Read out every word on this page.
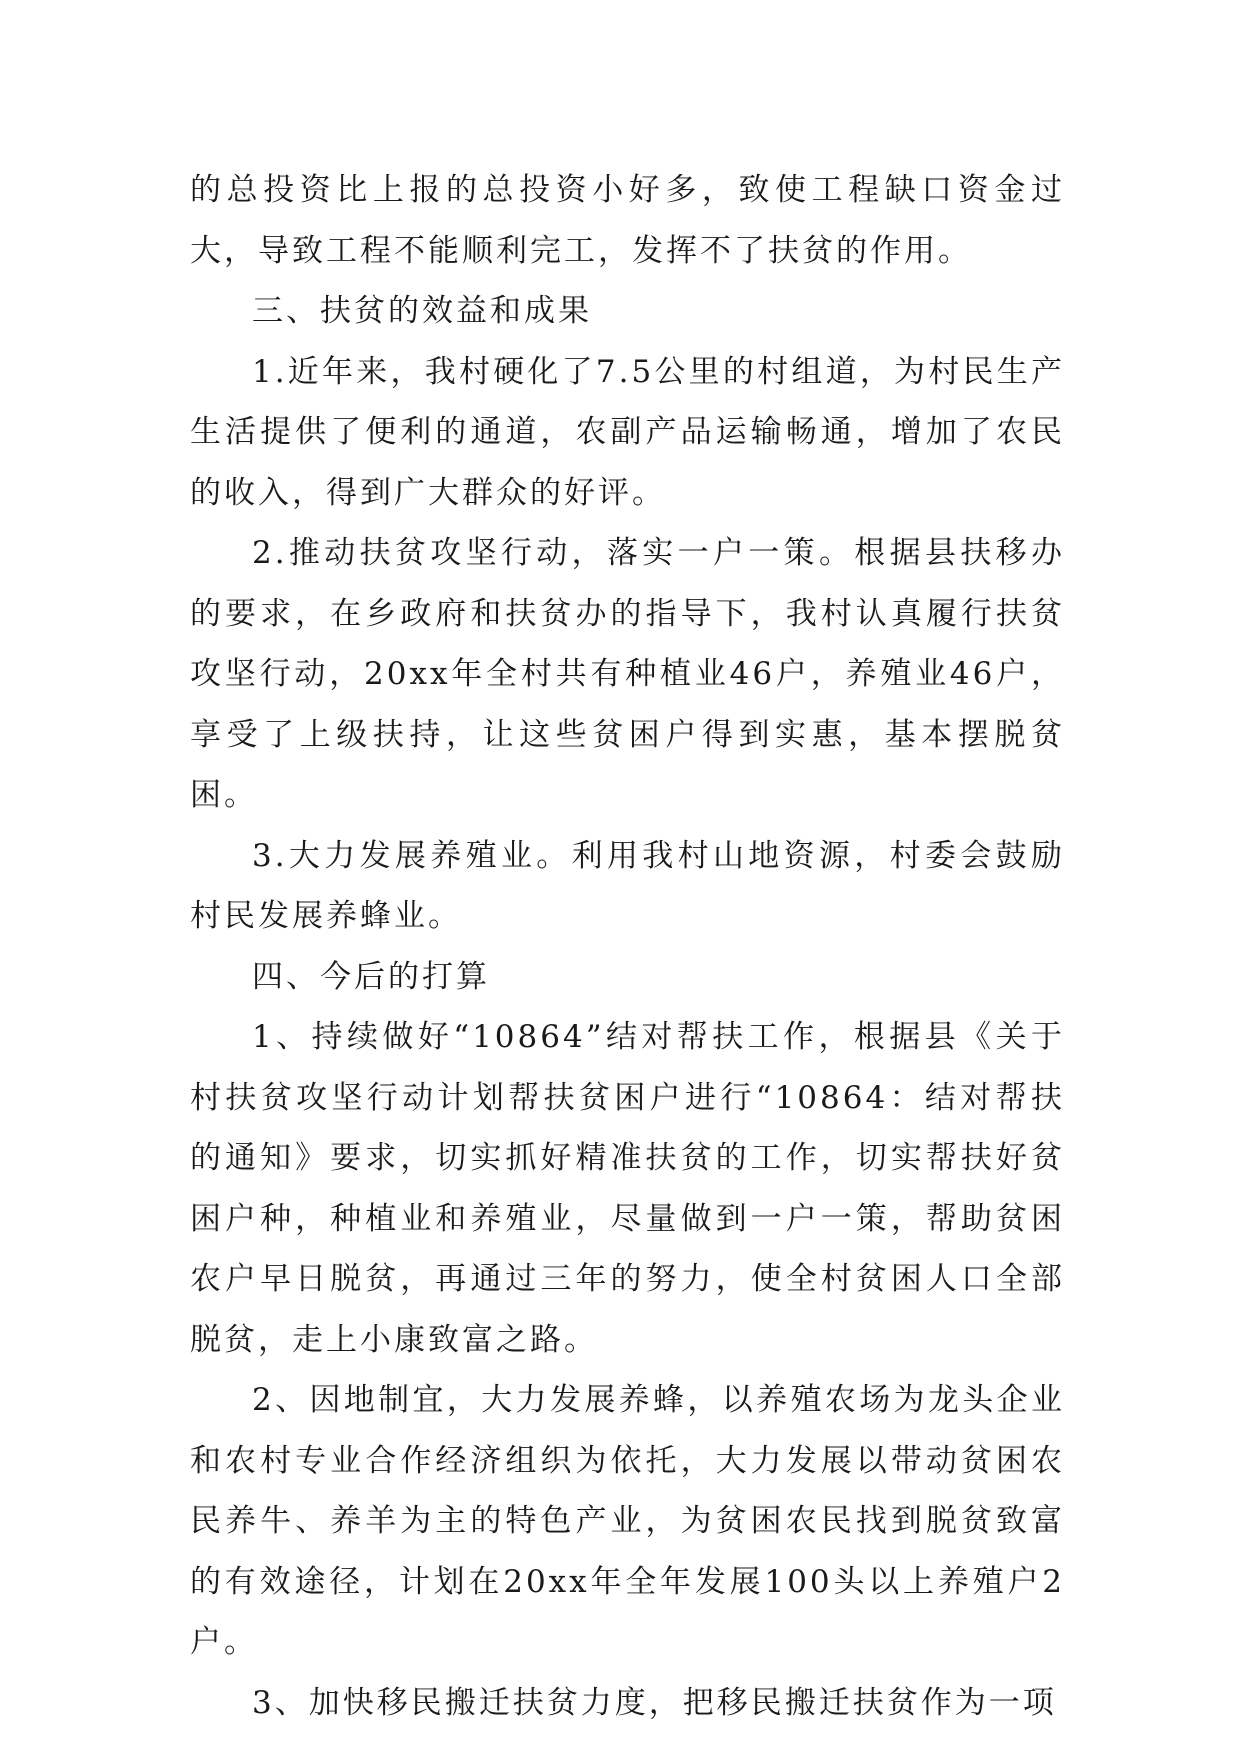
的总投资比上报的总投资小好多，致使工程缺口资金过大，导致工程不能顺利完工，发挥不了扶贫的作用。

三、扶贫的效益和成果

1.近年来，我村硬化了7.5公里的村组道，为村民生产生活提供了便利的通道，农副产品运输畅通，增加了农民的收入，得到广大群众的好评。

2.推动扶贫攻坚行动，落实一户一策。根据县扶移办的要求，在乡政府和扶贫办的指导下，我村认真履行扶贫攻坚行动，20xx年全村共有种植业46户，养殖业46户，享受了上级扶持，让这些贫困户得到实惠，基本摆脱贫困。

3.大力发展养殖业。利用我村山地资源，村委会鼓励村民发展养蜂业。

四、今后的打算

1、持续做好“10864”结对帮扶工作，根据县《关于村扶贫攻坚行动计划帮扶贫困户进行“10864：结对帮扶的通知》要求，切实抓好精准扶贫的工作，切实帮扶好贫困户种，种植业和养殖业，尽量做到一户一策，帮助贫困农户早日脱贫，再通过三年的努力，使全村贫困人口全部脱贫，走上小康致富之路。

2、因地制宜，大力发展养蜂，以养殖农场为龙头企业和农村专业合作经济组织为依托，大力发展以带动贫困农民养牛、养羊为主的特色产业，为贫困农民找到脱贫致富的有效途径，计划在20xx年全年发展100头以上养殖户2户。

3、加快移民搬迁扶贫力度，把移民搬迁扶贫作为一项
